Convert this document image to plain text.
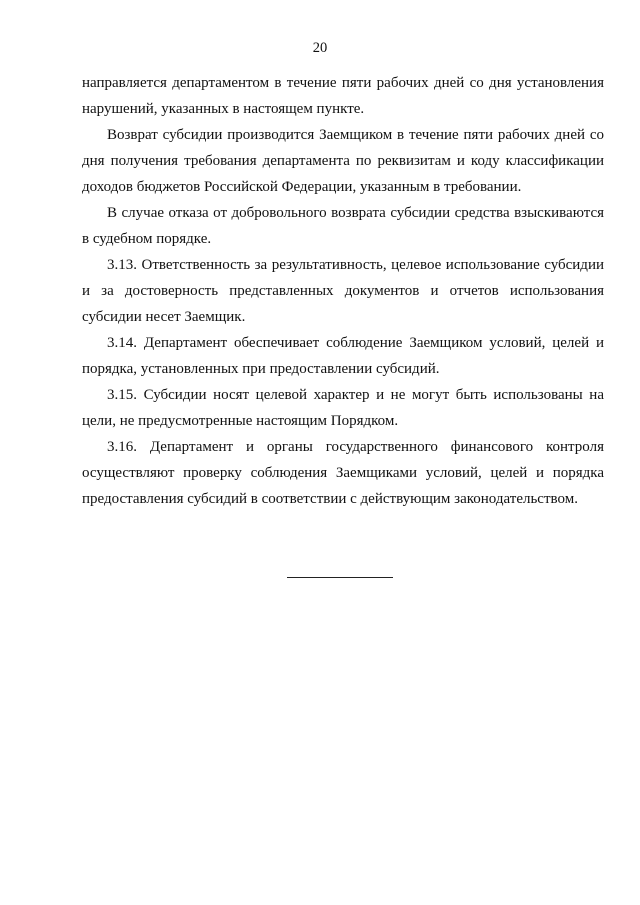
20

направляется департаментом в течение пяти рабочих дней со дня установления нарушений, указанных в настоящем пункте.

Возврат субсидии производится Заемщиком в течение пяти рабочих дней со дня получения требования департамента по реквизитам и коду классификации доходов бюджетов Российской Федерации, указанным в требовании.

В случае отказа от добровольного возврата субсидии средства взыскиваются в судебном порядке.

3.13. Ответственность за результативность, целевое использование субсидии и за достоверность представленных документов и отчетов использования субсидии несет Заемщик.

3.14. Департамент обеспечивает соблюдение Заемщиком условий, целей и порядка, установленных при предоставлении субсидий.

3.15. Субсидии носят целевой характер и не могут быть использованы на цели, не предусмотренные настоящим Порядком.

3.16. Департамент и органы государственного финансового контроля осуществляют проверку соблюдения Заемщиками условий, целей и порядка предоставления субсидий в соответствии с действующим законодательством.
